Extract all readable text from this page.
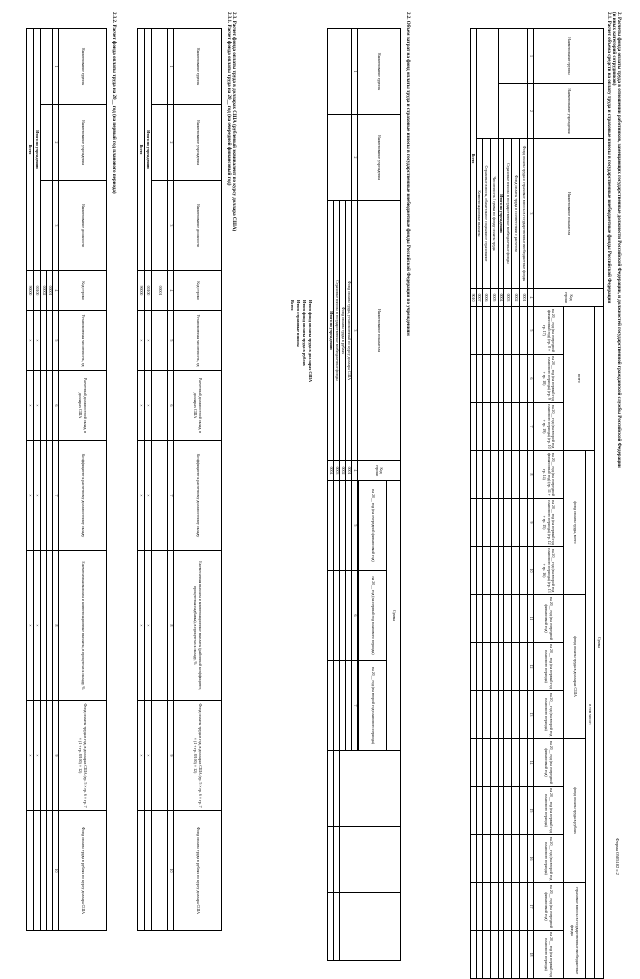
Форма 0505182 с.2
2. Расчеты фонда оплаты труда в отношении работников, замещающих государственные должности Российской Федерации, и должностей государственной гражданской службы Российской Федерации
(и иных категорий сотрудников)
2.1. Расчет объема средств на оплату труда и страховые взносы в государственные внебюджетные фонды Российской Федерации
Наименование группы	Наименование учреждения	Наименование показателя	Код строки	Сумма													
				всего			в том числе:										
							фонд оплаты труда, всего			фонд оплаты труда в долларах США			фонд оплаты труда в рублях			страховые взносы в государственные внебюджетные фонды	
				на 20__ год (на очередной финансовый год) (гр. 8 + гр. 17)	на 20__ год (на первый год планового периода) (гр. 9 + гр. 18)	на 20__ год (на второй год планового периода) (гр. 10 + гр. 19)	на 20__ год (на очередной финансовый год) (гр. 11 + гр. 14)	на 20__ год (на первый год планового периода) (гр. 12 + гр. 15)	на 20__ год (на второй год планового периода) (гр. 13 + гр. 16)	на 20__ год (на очередной финансовый год)	на 20__ год (на первый год планового периода)	на 20__ год (на второй год планового периода)	на 20__ год (на очередной финансовый год)	на 20__ год (на первый год планового периода)	на 20__ год (на второй год планового периода)	на 20__ год (на очередной финансовый год)	на 20__ год (на первый год планового периода)
1	2	3	4	5	6	7	8	9	10	11	12	13	14	15	16	17	18
		Фонд оплаты труда и страховые взносы в государственные внебюджетные фонды	0001														
		Фонд оплаты труда в соответствии с расчетом	0002														
		Страховые взносы в государственные внебюджетные фонды	0003														
		Итого по учреждению	0004														
		Численность / сумма по фонду оплаты труда	0005														
		Страховые взносы, обязательное социальное страхование	0006														
		Компенсационные выплаты	0007														
Всего			9010														
2.2. Объем затрат на фонд оплаты труда и страховые взносы в государственные внебюджетные фонды Российской Федерации по учреждениям
Наименование группы	Наименование учреждения	Наименование показателя	Код строки	Сумма					
				на 20__ год (на очередной финансовый год)	на 20__ год (на первый год планового периода)	на 20__ год (на второй год планового периода)			

1	2	3	4	5	6	7			
		Фонд оплаты труда, установленный по курсу доллара США	0001						
		Фонд оплаты труда в рублях	0002						
		Страховые взносы в государственные внебюджетные фонды	0003						
		Итого по учреждению	0004						
Итого фонд оплаты труда в долларах США
Итого фонд оплаты труда в рублях
Итого страховые взносы
Всего
2.3. Расчет фонда оплаты труда в долларах США (рублевый эквивалент по курсу доллара США)
2.3.1. Расчет фонда оплаты труда на 20__ год (на очередной финансовый год)
Наименование группы	Наименование учреждения	Наименование должности	Код строки	Установленная численность, ед	Расчетный должностной оклад, в долларах США	Коэффициент к расчетному должностному окладу	Ежемесячная выплата и компенсационные выплаты (районный коэффициент, процентная надбавка), в процентах к окладу, %	Фонд оплаты труда в год, в долларах США (гр. 5 × гр. 6 × гр. 7 × (1 + гр. 8/100) × 12)	Фонд оплаты труда в рублях по курсу доллара США
1	2	3	4	5	6	7	8	9	10
			00001						
Итого по учреждению			00100	×	×	×	×	×	
Всего			90000	×	×	×	×	×	
2.3.2. Расчет фонда оплаты труда на 20__ год (на первый год планового периода)
Наименование группы	Наименование учреждения	Наименование должности	Код строки	Установленная численность, ед	Расчетный должностной оклад, в долларах США	Коэффициент к расчетному должностному окладу	Ежемесячная выплата и компенсационные выплаты, в процентах к окладу, %	Фонд оплаты труда в год, в долларах США (гр. 5 × гр. 6 × гр. 7 × (1 + гр. 8/100) × 12)	Фонд оплаты труда в рублях по курсу доллара США
1	2	3	4	5	6	7	8	9	10
			00001						
			00002						
Итого по учреждению			00100	×	×	×	×	×	
Всего			90000	×	×	×	×	×	
